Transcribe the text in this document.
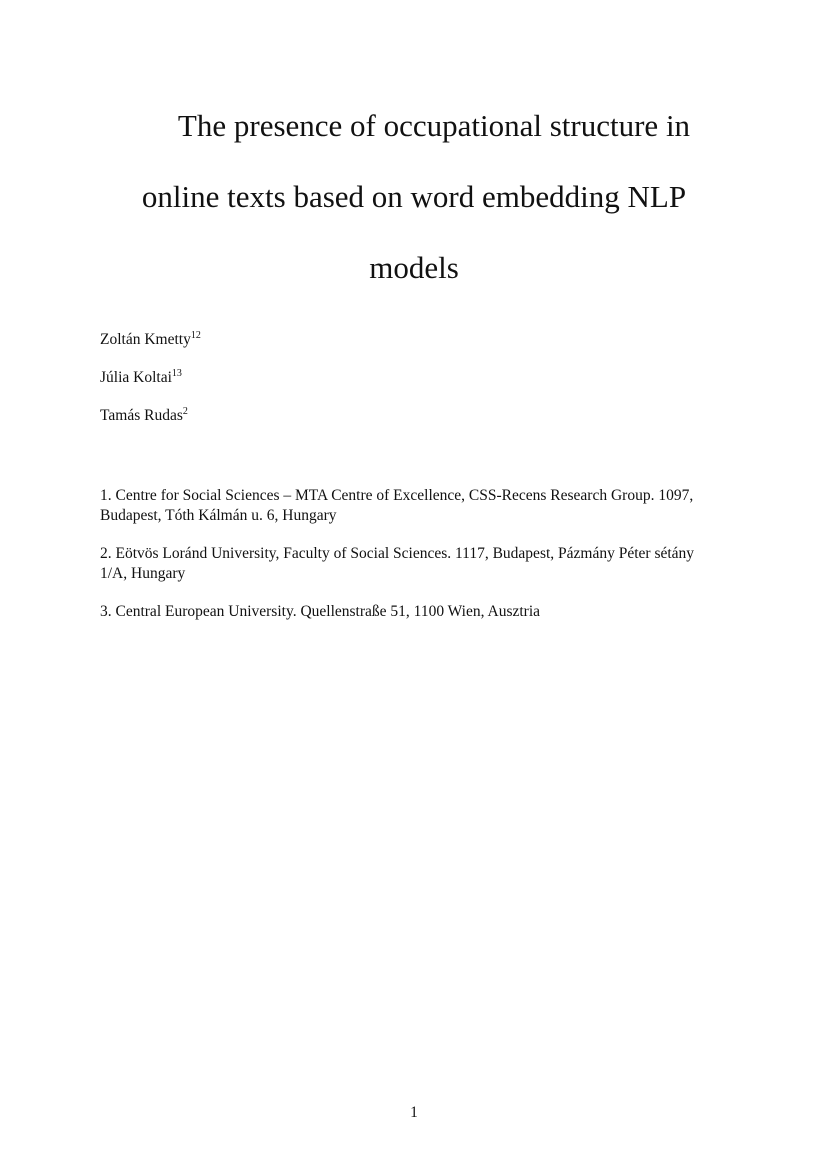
The presence of occupational structure in
online texts based on word embedding NLP
models
Zoltán Kmetty$^{12}$
Júlia Koltai$^{13}$
Tamás Rudas$^2$

1. Centre for Social Sciences – MTA Centre of Excellence, CSS-Recens Research Group. 1097, Budapest, Tóth Kálmán u. 6, Hungary

2. Eötvös Loránd University, Faculty of Social Sciences. 1117, Budapest, Pázmány Péter sétány 1/A, Hungary

3. Central European University. Quellenstraße 51, 1100 Wien, Ausztria

1
